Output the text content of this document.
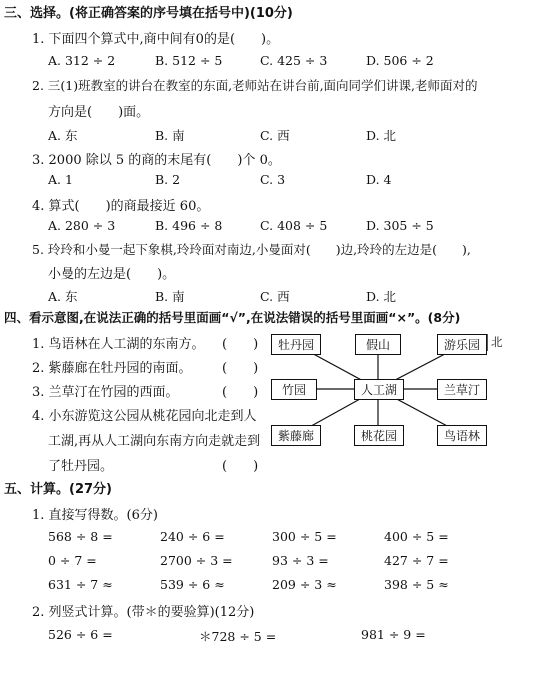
三、选择。(将正确答案的序号填在括号中)(10分)
1. 下面四个算式中,商中间有0的是(　　)。
A. 312 ÷ 2	B. 512 ÷ 5	C. 425 ÷ 3	D. 506 ÷ 2
2. 三(1)班教室的讲台在教室的东面,老师站在讲台前,面向同学们讲课,老师面对的
方向是(　　)面。
A. 东	B. 南	C. 西	D. 北
3. 2000 除以 5 的商的末尾有(　　)个 0。
A. 1	B. 2	C. 3	D. 4
4. 算式(　　)的商最接近 60。
A. 280 ÷ 3	B. 496 ÷ 8	C. 408 ÷ 5	D. 305 ÷ 5
5. 玲玲和小曼一起下象棋,玲玲面对南边,小曼面对(　　)边,玲玲的左边是(　　),
小曼的左边是(　　)。
A. 东	B. 南	C. 西	D. 北
四、看示意图,在说法正确的括号里面画“√”,在说法错误的括号里面画“×”。(8分)
1. 鸟语林在人工湖的东南方。 (　　)
2. 紫藤廊在牡丹园的南面。 (　　)
3. 兰草汀在竹园的西面。	(　　)
4. 小东游览这公园从桃花园向北走到人
工湖,再从人工湖向东南方向走就走到
了牡丹园。	(　　)
牡丹园	假山	游乐园 北
竹园	人工湖	兰草汀
紫藤廊	桃花园	鸟语林
五、计算。(27分)
1. 直接写得数。(6分)
568 ÷ 8 =	240 ÷ 6 =	300 ÷ 5 =	400 ÷ 5 =
0 ÷ 7 =	2700 ÷ 3 =	93 ÷ 3 =	427 ÷ 7 =
631 ÷ 7 ≈	539 ÷ 6 ≈	209 ÷ 3 ≈	398 ÷ 5 ≈
2. 列竖式计算。(带＊的要验算)(12分)
526 ÷ 6 =	＊728 ÷ 5 =	981 ÷ 9 =
